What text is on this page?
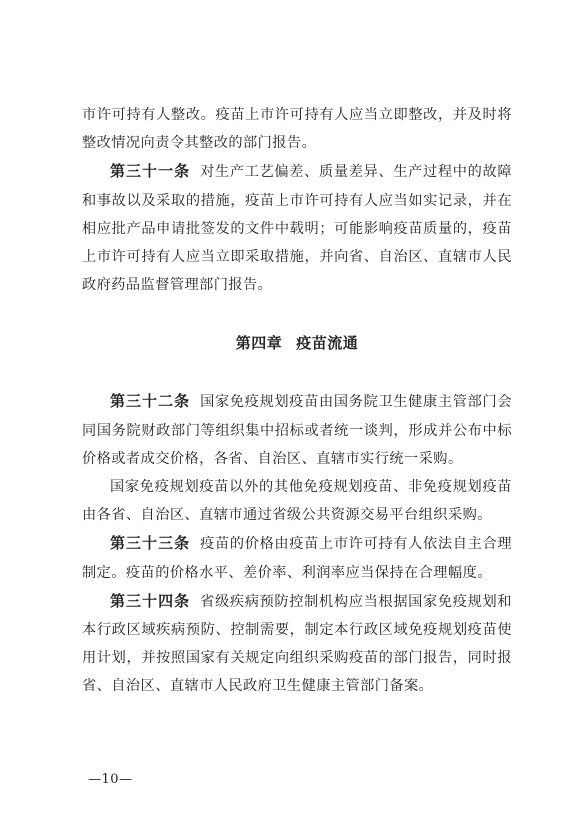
市许可持有人整改。疫苗上市许可持有人应当立即整改，并及时将整改情况向责令其整改的部门报告。

第三十一条 对生产工艺偏差、质量差异、生产过程中的故障和事故以及采取的措施，疫苗上市许可持有人应当如实记录，并在相应批产品申请批签发的文件中载明；可能影响疫苗质量的，疫苗上市许可持有人应当立即采取措施，并向省、自治区、直辖市人民政府药品监督管理部门报告。

第四章 疫苗流通

第三十二条 国家免疫规划疫苗由国务院卫生健康主管部门会同国务院财政部门等组织集中招标或者统一谈判，形成并公布中标价格或者成交价格，各省、自治区、直辖市实行统一采购。

国家免疫规划疫苗以外的其他免疫规划疫苗、非免疫规划疫苗由各省、自治区、直辖市通过省级公共资源交易平台组织采购。

第三十三条 疫苗的价格由疫苗上市许可持有人依法自主合理制定。疫苗的价格水平、差价率、利润率应当保持在合理幅度。

第三十四条 省级疾病预防控制机构应当根据国家免疫规划和本行政区域疾病预防、控制需要，制定本行政区域免疫规划疫苗使用计划，并按照国家有关规定向组织采购疫苗的部门报告，同时报省、自治区、直辖市人民政府卫生健康主管部门备案。

—10—
